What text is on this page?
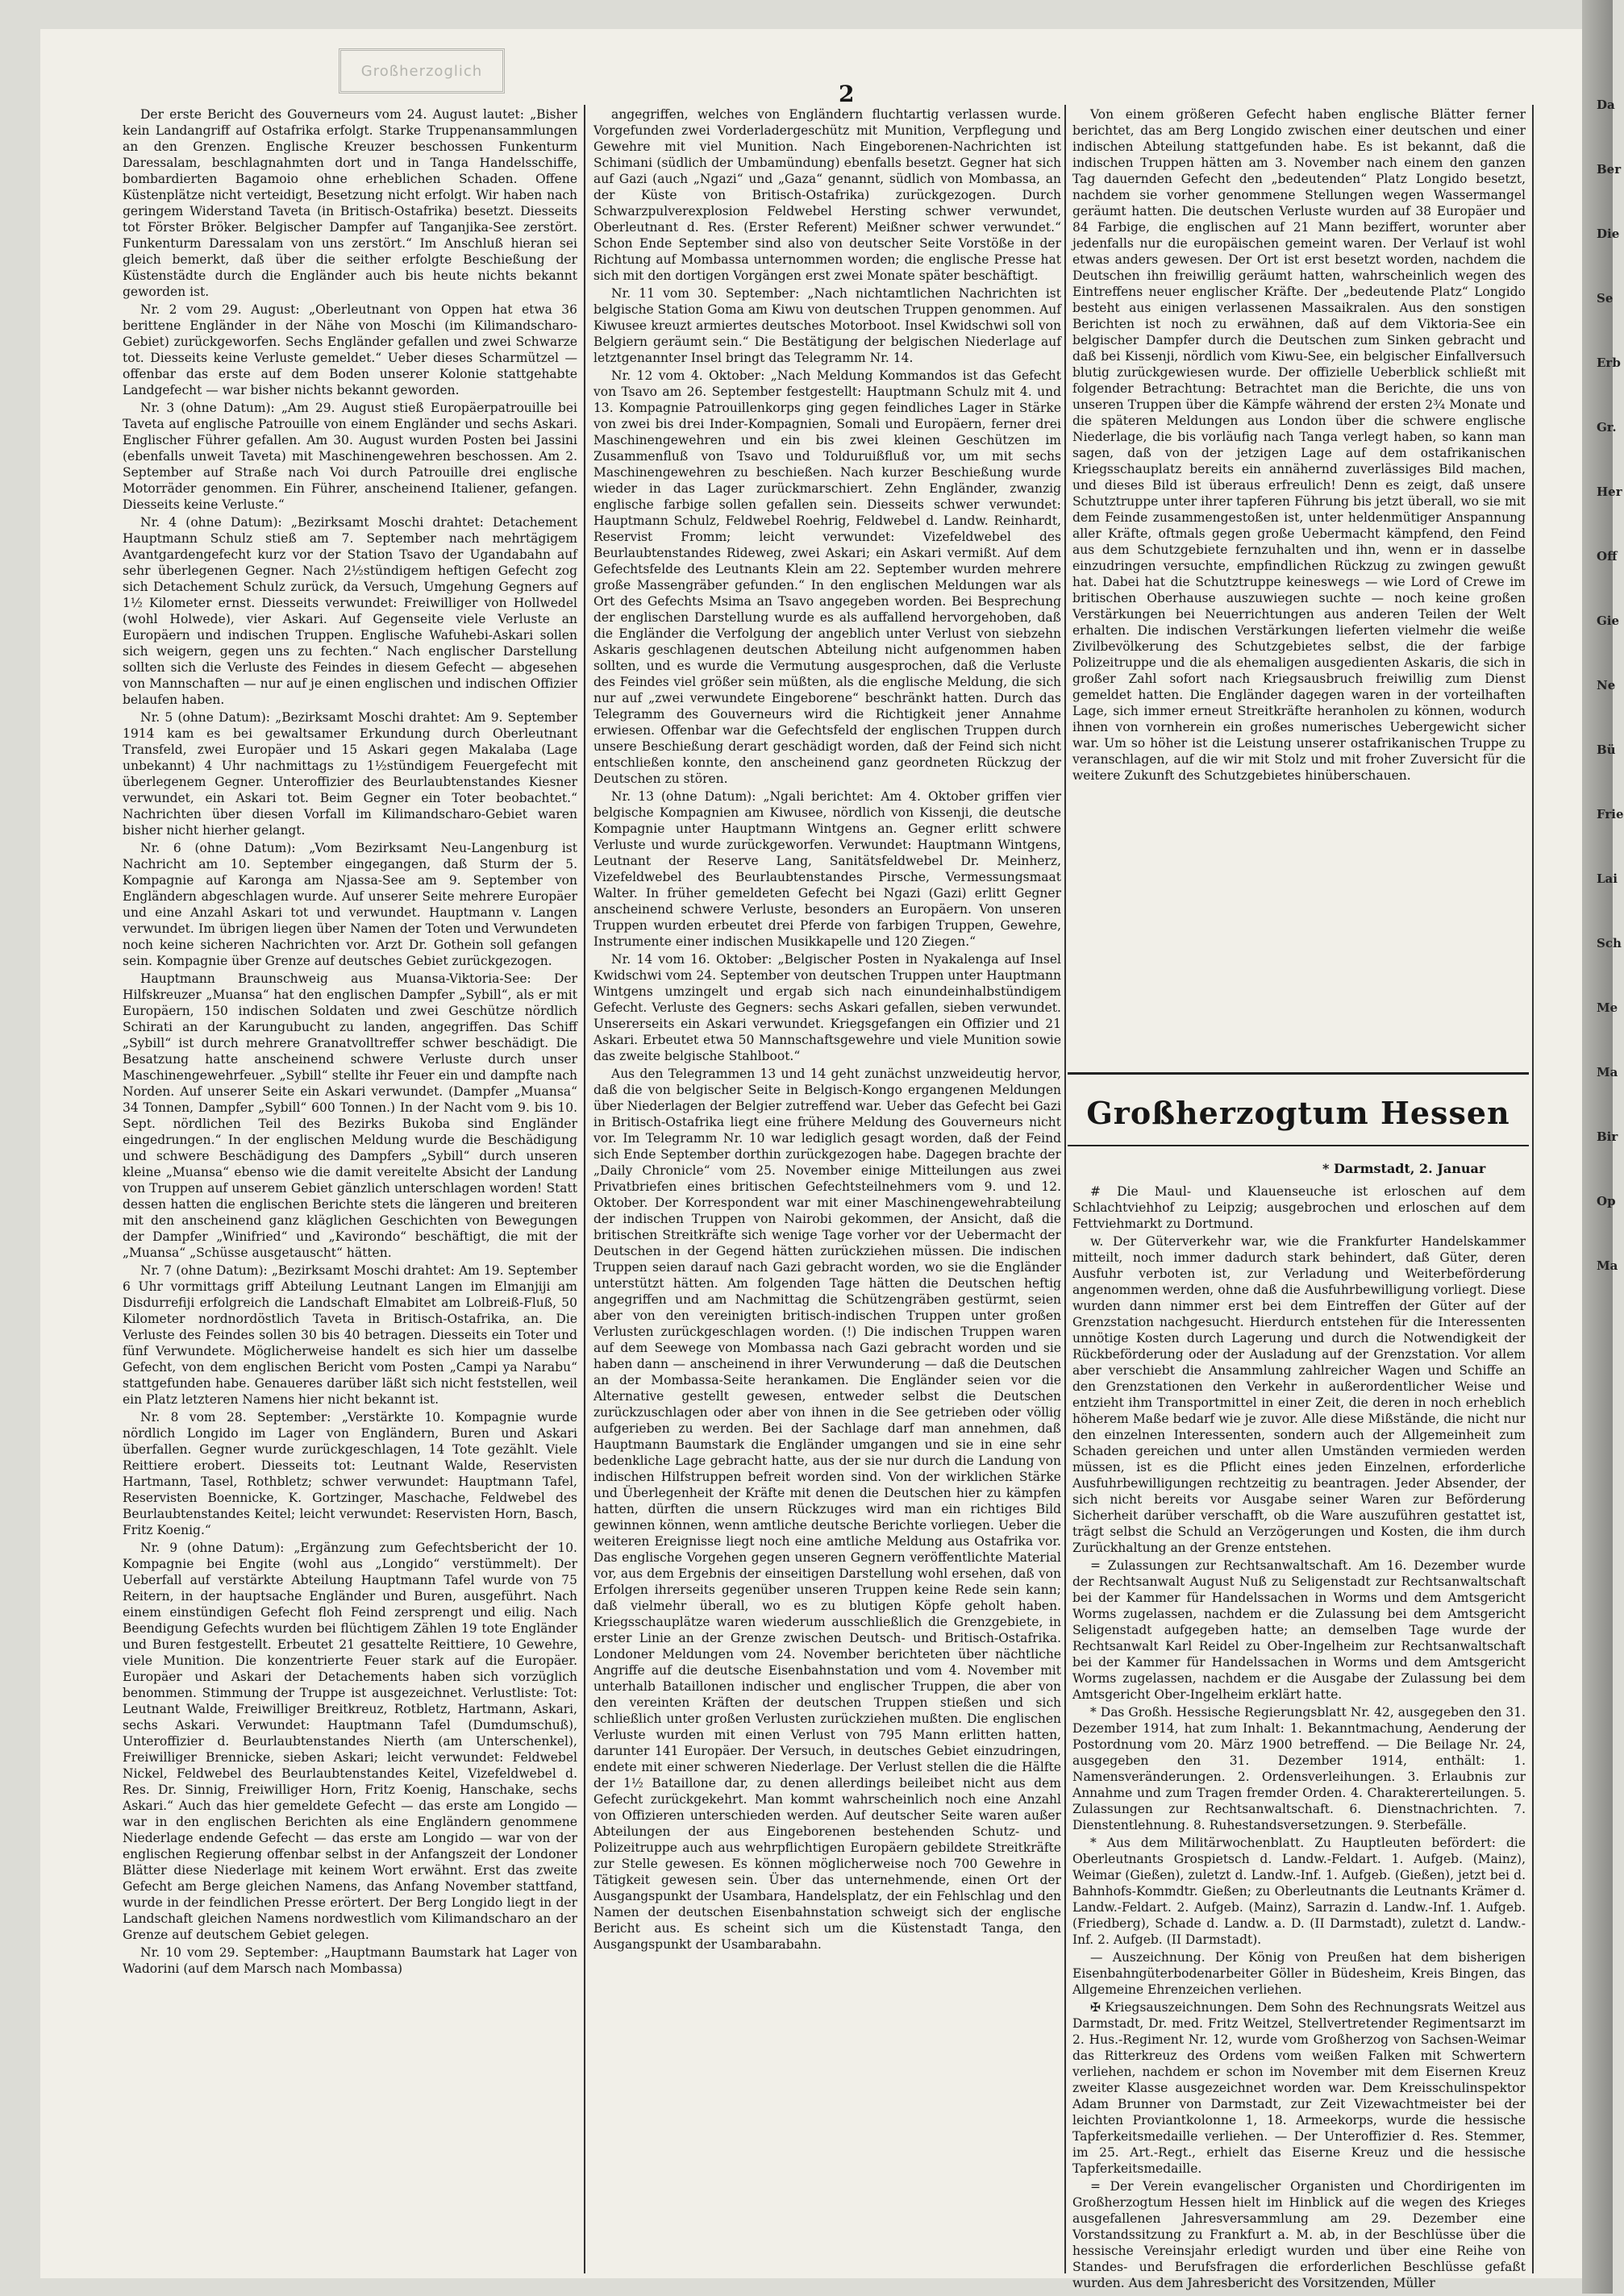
Großherzoglich
2

Der erste Bericht des Gouverneurs vom 24. August lautet: „Bisher kein Landangriff auf Ostafrika erfolgt. Starke Truppenansammlungen an den Grenzen. Englische Kreuzer beschossen Funkenturm Daressalam, beschlagnahmten dort und in Tanga Handelsschiffe, bombardierten Bagamoio ohne erheblichen Schaden. Offene Küstenplätze nicht verteidigt, Besetzung nicht erfolgt. Wir haben nach geringem Widerstand Taveta (in Britisch-Ostafrika) besetzt. Diesseits tot Förster Bröker. Belgischer Dampfer auf Tanganjika-See zerstört. Funkenturm Daressalam von uns zerstört.“ Im Anschluß hieran sei gleich bemerkt, daß über die seither erfolgte Beschießung der Küstenstädte durch die Engländer auch bis heute nichts bekannt geworden ist.

Nr. 2 vom 29. August: „Oberleutnant von Oppen hat etwa 36 berittene Engländer in der Nähe von Moschi (im Kilimandscharo-Gebiet) zurückgeworfen. Sechs Engländer gefallen und zwei Schwarze tot. Diesseits keine Verluste gemeldet.“ Ueber dieses Scharmützel — offenbar das erste auf dem Boden unserer Kolonie stattgehabte Landgefecht — war bisher nichts bekannt geworden.

Nr. 3 (ohne Datum): „Am 29. August stieß Europäerpatrouille bei Taveta auf englische Patrouille von einem Engländer und sechs Askari. Englischer Führer gefallen. Am 30. August wurden Posten bei Jassini (ebenfalls unweit Taveta) mit Maschinengewehren beschossen. Am 2. September auf Straße nach Voi durch Patrouille drei englische Motorräder genommen. Ein Führer, anscheinend Italiener, gefangen. Diesseits keine Verluste.“

Nr. 4 (ohne Datum): „Bezirksamt Moschi drahtet: Detachement Hauptmann Schulz stieß am 7. September nach mehrtägigem Avantgardengefecht kurz vor der Station Tsavo der Ugandabahn auf sehr überlegenen Gegner. Nach 2½stündigem heftigen Gefecht zog sich Detachement Schulz zurück, da Versuch, Umgehung Gegners auf 1½ Kilometer ernst. Diesseits verwundet: Freiwilliger von Hollwedel (wohl Holwede), vier Askari. Auf Gegenseite viele Verluste an Europäern und indischen Truppen. Englische Wafuhebi-Askari sollen sich weigern, gegen uns zu fechten.“ Nach englischer Darstellung sollten sich die Verluste des Feindes in diesem Gefecht — abgesehen von Mannschaften — nur auf je einen englischen und indischen Offizier belaufen haben.

Nr. 5 (ohne Datum): „Bezirksamt Moschi drahtet: Am 9. September 1914 kam es bei gewaltsamer Erkundung durch Oberleutnant Transfeld, zwei Europäer und 15 Askari gegen Makalaba (Lage unbekannt) 4 Uhr nachmittags zu 1½stündigem Feuergefecht mit überlegenem Gegner. Unteroffizier des Beurlaubtenstandes Kiesner verwundet, ein Askari tot. Beim Gegner ein Toter beobachtet.“ Nachrichten über diesen Vorfall im Kilimandscharo-Gebiet waren bisher nicht hierher gelangt.

Nr. 6 (ohne Datum): „Vom Bezirksamt Neu-Langenburg ist Nachricht am 10. September eingegangen, daß Sturm der 5. Kompagnie auf Karonga am Njassa-See am 9. September von Engländern abgeschlagen wurde. Auf unserer Seite mehrere Europäer und eine Anzahl Askari tot und verwundet. Hauptmann v. Langen verwundet. Im übrigen liegen über Namen der Toten und Verwundeten noch keine sicheren Nachrichten vor. Arzt Dr. Gothein soll gefangen sein. Kompagnie über Grenze auf deutsches Gebiet zurückgezogen.

Hauptmann Braunschweig aus Muansa-Viktoria-See: Der Hilfskreuzer „Muansa“ hat den englischen Dampfer „Sybill“, als er mit Europäern, 150 indischen Soldaten und zwei Geschütze nördlich Schirati an der Karungubucht zu landen, angegriffen. Das Schiff „Sybill“ ist durch mehrere Granatvolltreffer schwer beschädigt. Die Besatzung hatte anscheinend schwere Verluste durch unser Maschinengewehrfeuer. „Sybill“ stellte ihr Feuer ein und dampfte nach Norden. Auf unserer Seite ein Askari verwundet. (Dampfer „Muansa“ 34 Tonnen, Dampfer „Sybill“ 600 Tonnen.) In der Nacht vom 9. bis 10. Sept. nördlichen Teil des Bezirks Bukoba sind Engländer eingedrungen.“ In der englischen Meldung wurde die Beschädigung und schwere Beschädigung des Dampfers „Sybill“ durch unseren kleine „Muansa“ ebenso wie die damit vereitelte Absicht der Landung von Truppen auf unserem Gebiet gänzlich unterschlagen worden! Statt dessen hatten die englischen Berichte stets die längeren und breiteren mit den anscheinend ganz kläglichen Geschichten von Bewegungen der Dampfer „Winifried“ und „Kavirondo“ beschäftigt, die mit der „Muansa“ „Schüsse ausgetauscht“ hätten.

Nr. 7 (ohne Datum): „Bezirksamt Moschi drahtet: Am 19. September 6 Uhr vormittags griff Abteilung Leutnant Langen im Elmanjiji am Disdurrefiji erfolgreich die Landschaft Elmabitet am Lolbreiß-Fluß, 50 Kilometer nordnordöstlich Taveta in Britisch-Ostafrika, an. Die Verluste des Feindes sollen 30 bis 40 betragen. Diesseits ein Toter und fünf Verwundete. Möglicherweise handelt es sich hier um dasselbe Gefecht, von dem englischen Bericht vom Posten „Campi ya Narabu“ stattgefunden habe. Genaueres darüber läßt sich nicht feststellen, weil ein Platz letzteren Namens hier nicht bekannt ist.

Nr. 8 vom 28. September: „Verstärkte 10. Kompagnie wurde nördlich Longido im Lager von Engländern, Buren und Askari überfallen. Gegner wurde zurückgeschlagen, 14 Tote gezählt. Viele Reittiere erobert. Diesseits tot: Leutnant Walde, Reservisten Hartmann, Tasel, Rothbletz; schwer verwundet: Hauptmann Tafel, Reservisten Boennicke, K. Gortzinger, Maschache, Feldwebel des Beurlaubtenstandes Keitel; leicht verwundet: Reservisten Horn, Basch, Fritz Koenig.“

Nr. 9 (ohne Datum): „Ergänzung zum Gefechtsbericht der 10. Kompagnie bei Engite (wohl aus „Longido“ verstümmelt). Der Ueberfall auf verstärkte Abteilung Hauptmann Tafel wurde von 75 Reitern, in der hauptsache Engländer und Buren, ausgeführt. Nach einem einstündigen Gefecht floh Feind zersprengt und eilig. Nach Beendigung Gefechts wurden bei flüchtigem Zählen 19 tote Engländer und Buren festgestellt. Erbeutet 21 gesattelte Reittiere, 10 Gewehre, viele Munition. Die konzentrierte Feuer stark auf die Europäer. Europäer und Askari der Detachements haben sich vorzüglich benommen. Stimmung der Truppe ist ausgezeichnet. Verlustliste: Tot: Leutnant Walde, Freiwilliger Breitkreuz, Rotbletz, Hartmann, Askari, sechs Askari. Verwundet: Hauptmann Tafel (Dumdumschuß), Unteroffizier d. Beurlaubtenstandes Nierth (am Unterschenkel), Freiwilliger Brennicke, sieben Askari; leicht verwundet: Feldwebel Nickel, Feldwebel des Beurlaubtenstandes Keitel, Vizefeldwebel d. Res. Dr. Sinnig, Freiwilliger Horn, Fritz Koenig, Hanschake, sechs Askari.“ Auch das hier gemeldete Gefecht — das erste am Longido — war in den englischen Berichten als eine Engländern genommene Niederlage endende Gefecht — das erste am Longido — war von der englischen Regierung offenbar selbst in der Anfangszeit der Londoner Blätter diese Niederlage mit keinem Wort erwähnt. Erst das zweite Gefecht am Berge gleichen Namens, das Anfang November stattfand, wurde in der feindlichen Presse erörtert. Der Berg Longido liegt in der Landschaft gleichen Namens nordwestlich vom Kilimandscharo an der Grenze auf deutschem Gebiet gelegen.

Nr. 10 vom 29. September: „Hauptmann Baumstark hat Lager von Wadorini (auf dem Marsch nach Mombassa)

angegriffen, welches von Engländern fluchtartig verlassen wurde. Vorgefunden zwei Vorderladergeschütz mit Munition, Verpflegung und Gewehre mit viel Munition. Nach Eingeborenen-Nachrichten ist Schimani (südlich der Umbamündung) ebenfalls besetzt. Gegner hat sich auf Gazi (auch „Ngazi“ und „Gaza“ genannt, südlich von Mombassa, an der Küste von Britisch-Ostafrika) zurückgezogen. Durch Schwarzpulverexplosion Feldwebel Hersting schwer verwundet, Oberleutnant d. Res. (Erster Referent) Meißner schwer verwundet.“ Schon Ende September sind also von deutscher Seite Vorstöße in der Richtung auf Mombassa unternommen worden; die englische Presse hat sich mit den dortigen Vorgängen erst zwei Monate später beschäftigt.

Nr. 11 vom 30. September: „Nach nichtamtlichen Nachrichten ist belgische Station Goma am Kiwu von deutschen Truppen genommen. Auf Kiwusee kreuzt armiertes deutsches Motorboot. Insel Kwidschwi soll von Belgiern geräumt sein.“ Die Bestätigung der belgischen Niederlage auf letztgenannter Insel bringt das Telegramm Nr. 14.

Nr. 12 vom 4. Oktober: „Nach Meldung Kommandos ist das Gefecht von Tsavo am 26. September festgestellt: Hauptmann Schulz mit 4. und 13. Kompagnie Patrouillenkorps ging gegen feindliches Lager in Stärke von zwei bis drei Inder-Kompagnien, Somali und Europäern, ferner drei Maschinengewehren und ein bis zwei kleinen Geschützen im Zusammenfluß von Tsavo und Tolduruißfluß vor, um mit sechs Maschinengewehren zu beschießen. Nach kurzer Beschießung wurde wieder in das Lager zurückmarschiert. Zehn Engländer, zwanzig englische farbige sollen gefallen sein. Diesseits schwer verwundet: Hauptmann Schulz, Feldwebel Roehrig, Feldwebel d. Landw. Reinhardt, Reservist Fromm; leicht verwundet: Vizefeldwebel des Beurlaubtenstandes Rideweg, zwei Askari; ein Askari vermißt. Auf dem Gefechtsfelde des Leutnants Klein am 22. September wurden mehrere große Massengräber gefunden.“ In den englischen Meldungen war als Ort des Gefechts Msima an Tsavo angegeben worden. Bei Besprechung der englischen Darstellung wurde es als auffallend hervorgehoben, daß die Engländer die Verfolgung der angeblich unter Verlust von siebzehn Askaris geschlagenen deutschen Abteilung nicht aufgenommen haben sollten, und es wurde die Vermutung ausgesprochen, daß die Verluste des Feindes viel größer sein müßten, als die englische Meldung, die sich nur auf „zwei verwundete Eingeborene“ beschränkt hatten. Durch das Telegramm des Gouverneurs wird die Richtigkeit jener Annahme erwiesen. Offenbar war die Gefechtsfeld der englischen Truppen durch unsere Beschießung derart geschädigt worden, daß der Feind sich nicht entschließen konnte, den anscheinend ganz geordneten Rückzug der Deutschen zu stören.

Nr. 13 (ohne Datum): „Ngali berichtet: Am 4. Oktober griffen vier belgische Kompagnien am Kiwusee, nördlich von Kissenji, die deutsche Kompagnie unter Hauptmann Wintgens an. Gegner erlitt schwere Verluste und wurde zurückgeworfen. Verwundet: Hauptmann Wintgens, Leutnant der Reserve Lang, Sanitätsfeldwebel Dr. Meinherz, Vizefeldwebel des Beurlaubtenstandes Pirsche, Vermessungsmaat Walter. In früher gemeldeten Gefecht bei Ngazi (Gazi) erlitt Gegner anscheinend schwere Verluste, besonders an Europäern. Von unseren Truppen wurden erbeutet drei Pferde von farbigen Truppen, Gewehre, Instrumente einer indischen Musikkapelle und 120 Ziegen.“

Nr. 14 vom 16. Oktober: „Belgischer Posten in Nyakalenga auf Insel Kwidschwi vom 24. September von deutschen Truppen unter Hauptmann Wintgens umzingelt und ergab sich nach einundeinhalbstündigem Gefecht. Verluste des Gegners: sechs Askari gefallen, sieben verwundet. Unsererseits ein Askari verwundet. Kriegsgefangen ein Offizier und 21 Askari. Erbeutet etwa 50 Mannschaftsgewehre und viele Munition sowie das zweite belgische Stahlboot.“

Aus den Telegrammen 13 und 14 geht zunächst unzweideutig hervor, daß die von belgischer Seite in Belgisch-Kongo ergangenen Meldungen über Niederlagen der Belgier zutreffend war. Ueber das Gefecht bei Gazi in Britisch-Ostafrika liegt eine frühere Meldung des Gouverneurs nicht vor. Im Telegramm Nr. 10 war lediglich gesagt worden, daß der Feind sich Ende September dorthin zurückgezogen habe. Dagegen brachte der „Daily Chronicle“ vom 25. November einige Mitteilungen aus zwei Privatbriefen eines britischen Gefechtsteilnehmers vom 9. und 12. Oktober. Der Korrespondent war mit einer Maschinengewehrabteilung der indischen Truppen von Nairobi gekommen, der Ansicht, daß die britischen Streitkräfte sich wenige Tage vorher vor der Uebermacht der Deutschen in der Gegend hätten zurückziehen müssen. Die indischen Truppen seien darauf nach Gazi gebracht worden, wo sie die Engländer unterstützt hätten. Am folgenden Tage hätten die Deutschen heftig angegriffen und am Nachmittag die Schützengräben gestürmt, seien aber von den vereinigten britisch-indischen Truppen unter großen Verlusten zurückgeschlagen worden. (!) Die indischen Truppen waren auf dem Seewege von Mombassa nach Gazi gebracht worden und sie haben dann — anscheinend in ihrer Verwunderung — daß die Deutschen an der Mombassa-Seite herankamen. Die Engländer seien vor die Alternative gestellt gewesen, entweder selbst die Deutschen zurückzuschlagen oder aber von ihnen in die See getrieben oder völlig aufgerieben zu werden. Bei der Sachlage darf man annehmen, daß Hauptmann Baumstark die Engländer umgangen und sie in eine sehr bedenkliche Lage gebracht hatte, aus der sie nur durch die Landung von indischen Hilfstruppen befreit worden sind. Von der wirklichen Stärke und Überlegenheit der Kräfte mit denen die Deutschen hier zu kämpfen hatten, dürften die unsern Rückzuges wird man ein richtiges Bild gewinnen können, wenn amtliche deutsche Berichte vorliegen. Ueber die weiteren Ereignisse liegt noch eine amtliche Meldung aus Ostafrika vor. Das englische Vorgehen gegen unseren Gegnern veröffentlichte Material vor, aus dem Ergebnis der einseitigen Darstellung wohl ersehen, daß von Erfolgen ihrerseits gegenüber unseren Truppen keine Rede sein kann; daß vielmehr überall, wo es zu blutigen Köpfe geholt haben. Kriegsschauplätze waren wiederum ausschließlich die Grenzgebiete, in erster Linie an der Grenze zwischen Deutsch- und Britisch-Ostafrika. Londoner Meldungen vom 24. November berichteten über nächtliche Angriffe auf die deutsche Eisenbahnstation und vom 4. November mit unterhalb Bataillonen indischer und englischer Truppen, die aber von den vereinten Kräften der deutschen Truppen stießen und sich schließlich unter großen Verlusten zurückziehen mußten. Die englischen Verluste wurden mit einen Verlust von 795 Mann erlitten hatten, darunter 141 Europäer. Der Versuch, in deutsches Gebiet einzudringen, endete mit einer schweren Niederlage. Der Verlust stellen die die Hälfte der 1½ Bataillone dar, zu denen allerdings beileibet nicht aus dem Gefecht zurückgekehrt. Man kommt wahrscheinlich noch eine Anzahl von Offizieren unterschieden werden. Auf deutscher Seite waren außer Abteilungen der aus Eingeborenen bestehenden Schutz- und Polizeitruppe auch aus wehrpflichtigen Europäern gebildete Streitkräfte zur Stelle gewesen. Es können möglicherweise noch 700 Gewehre in Tätigkeit gewesen sein. Über das unternehmende, einen Ort der Ausgangspunkt der Usambara, Handelsplatz, der ein Fehlschlag und den Namen der deutschen Eisenbahnstation schweigt sich der englische Bericht aus. Es scheint sich um die Küstenstadt Tanga, den Ausgangspunkt der Usambarabahn.

Von einem größeren Gefecht haben englische Blätter ferner berichtet, das am Berg Longido zwischen einer deutschen und einer indischen Abteilung stattgefunden habe. Es ist bekannt, daß die indischen Truppen hätten am 3. November nach einem den ganzen Tag dauernden Gefecht den „bedeutenden“ Platz Longido besetzt, nachdem sie vorher genommene Stellungen wegen Wassermangel geräumt hatten. Die deutschen Verluste wurden auf 38 Europäer und 84 Farbige, die englischen auf 21 Mann beziffert, worunter aber jedenfalls nur die europäischen gemeint waren. Der Verlauf ist wohl etwas anders gewesen. Der Ort ist erst besetzt worden, nachdem die Deutschen ihn freiwillig geräumt hatten, wahrscheinlich wegen des Eintreffens neuer englischer Kräfte. Der „bedeutende Platz“ Longido besteht aus einigen verlassenen Massaikralen. Aus den sonstigen Berichten ist noch zu erwähnen, daß auf dem Viktoria-See ein belgischer Dampfer durch die Deutschen zum Sinken gebracht und daß bei Kissenji, nördlich vom Kiwu-See, ein belgischer Einfallversuch blutig zurückgewiesen wurde. Der offizielle Ueberblick schließt mit folgender Betrachtung: Betrachtet man die Berichte, die uns von unseren Truppen über die Kämpfe während der ersten 2¾ Monate und die späteren Meldungen aus London über die schwere englische Niederlage, die bis vorläufig nach Tanga verlegt haben, so kann man sagen, daß von der jetzigen Lage auf dem ostafrikanischen Kriegsschauplatz bereits ein annähernd zuverlässiges Bild machen, und dieses Bild ist überaus erfreulich! Denn es zeigt, daß unsere Schutztruppe unter ihrer tapferen Führung bis jetzt überall, wo sie mit dem Feinde zusammengestoßen ist, unter heldenmütiger Anspannung aller Kräfte, oftmals gegen große Uebermacht kämpfend, den Feind aus dem Schutzgebiete fernzuhalten und ihn, wenn er in dasselbe einzudringen versuchte, empfindlichen Rückzug zu zwingen gewußt hat. Dabei hat die Schutztruppe keineswegs — wie Lord of Crewe im britischen Oberhause auszuwiegen suchte — noch keine großen Verstärkungen bei Neuerrichtungen aus anderen Teilen der Welt erhalten. Die indischen Verstärkungen lieferten vielmehr die weiße Zivilbevölkerung des Schutzgebietes selbst, die der farbige Polizeitruppe und die als ehemaligen ausgedienten Askaris, die sich in großer Zahl sofort nach Kriegsausbruch freiwillig zum Dienst gemeldet hatten. Die Engländer dagegen waren in der vorteilhaften Lage, sich immer erneut Streitkräfte heranholen zu können, wodurch ihnen von vornherein ein großes numerisches Uebergewicht sicher war. Um so höher ist die Leistung unserer ostafrikanischen Truppe zu veranschlagen, auf die wir mit Stolz und mit froher Zuversicht für die weitere Zukunft des Schutzgebietes hinüberschauen.

Großherzogtum Hessen
* Darmstadt, 2. Januar

# Die Maul- und Klauenseuche ist erloschen auf dem Schlachtviehhof zu Leipzig; ausgebrochen und erloschen auf dem Fettviehmarkt zu Dortmund.

w. Der Güterverkehr war, wie die Frankfurter Handelskammer mitteilt, noch immer dadurch stark behindert, daß Güter, deren Ausfuhr verboten ist, zur Verladung und Weiterbeförderung angenommen werden, ohne daß die Ausfuhrbewilligung vorliegt. Diese wurden dann nimmer erst bei dem Eintreffen der Güter auf der Grenzstation nachgesucht. Hierdurch entstehen für die Interessenten unnötige Kosten durch Lagerung und durch die Notwendigkeit der Rückbeförderung oder der Ausladung auf der Grenzstation. Vor allem aber verschiebt die Ansammlung zahlreicher Wagen und Schiffe an den Grenzstationen den Verkehr in außerordentlicher Weise und entzieht ihm Transportmittel in einer Zeit, die deren in noch erheblich höherem Maße bedarf wie je zuvor. Alle diese Mißstände, die nicht nur den einzelnen Interessenten, sondern auch der Allgemeinheit zum Schaden gereichen und unter allen Umständen vermieden werden müssen, ist es die Pflicht eines jeden Einzelnen, erforderliche Ausfuhrbewilligungen rechtzeitig zu beantragen. Jeder Absender, der sich nicht bereits vor Ausgabe seiner Waren zur Beförderung Sicherheit darüber verschafft, ob die Ware auszuführen gestattet ist, trägt selbst die Schuld an Verzögerungen und Kosten, die ihm durch Zurückhaltung an der Grenze entstehen.

= Zulassungen zur Rechtsanwaltschaft. Am 16. Dezember wurde der Rechtsanwalt August Nuß zu Seligenstadt zur Rechtsanwaltschaft bei der Kammer für Handelssachen in Worms und dem Amtsgericht Worms zugelassen, nachdem er die Zulassung bei dem Amtsgericht Seligenstadt aufgegeben hatte; an demselben Tage wurde der Rechtsanwalt Karl Reidel zu Ober-Ingelheim zur Rechtsanwaltschaft bei der Kammer für Handelssachen in Worms und dem Amtsgericht Worms zugelassen, nachdem er die Ausgabe der Zulassung bei dem Amtsgericht Ober-Ingelheim erklärt hatte.

* Das Großh. Hessische Regierungsblatt Nr. 42, ausgegeben den 31. Dezember 1914, hat zum Inhalt: 1. Bekanntmachung, Aenderung der Postordnung vom 20. März 1900 betreffend. — Die Beilage Nr. 24, ausgegeben den 31. Dezember 1914, enthält: 1. Namensveränderungen. 2. Ordensverleihungen. 3. Erlaubnis zur Annahme und zum Tragen fremder Orden. 4. Charaktererteilungen. 5. Zulassungen zur Rechtsanwaltschaft. 6. Dienstnachrichten. 7. Dienstentlehnung. 8. Ruhestandsversetzungen. 9. Sterbefälle.

* Aus dem Militärwochenblatt. Zu Hauptleuten befördert: die Oberleutnants Grospietsch d. Landw.-Feldart. 1. Aufgeb. (Mainz), Weimar (Gießen), zuletzt d. Landw.-Inf. 1. Aufgeb. (Gießen), jetzt bei d. Bahnhofs-Kommdtr. Gießen; zu Oberleutnants die Leutnants Krämer d. Landw.-Feldart. 2. Aufgeb. (Mainz), Sarrazin d. Landw.-Inf. 1. Aufgeb. (Friedberg), Schade d. Landw. a. D. (II Darmstadt), zuletzt d. Landw.-Inf. 2. Aufgeb. (II Darmstadt).

— Auszeichnung. Der König von Preußen hat dem bisherigen Eisenbahngüterbodenarbeiter Göller in Büdesheim, Kreis Bingen, das Allgemeine Ehrenzeichen verliehen.

✠ Kriegsauszeichnungen. Dem Sohn des Rechnungsrats Weitzel aus Darmstadt, Dr. med. Fritz Weitzel, Stellvertretender Regimentsarzt im 2. Hus.-Regiment Nr. 12, wurde vom Großherzog von Sachsen-Weimar das Ritterkreuz des Ordens vom weißen Falken mit Schwertern verliehen, nachdem er schon im November mit dem Eisernen Kreuz zweiter Klasse ausgezeichnet worden war. Dem Kreisschulinspektor Adam Brunner von Darmstadt, zur Zeit Vizewachtmeister bei der leichten Proviantkolonne 1, 18. Armeekorps, wurde die hessische Tapferkeitsmedaille verliehen. — Der Unteroffizier d. Res. Stemmer, im 25. Art.-Regt., erhielt das Eiserne Kreuz und die hessische Tapferkeitsmedaille.

= Der Verein evangelischer Organisten und Chordirigenten im Großherzogtum Hessen hielt im Hinblick auf die wegen des Krieges ausgefallenen Jahresversammlung am 29. Dezember eine Vorstandssitzung zu Frankfurt a. M. ab, in der Beschlüsse über die hessische Vereinsjahr erledigt wurden und über eine Reihe von Standes- und Berufsfragen die erforderlichen Beschlüsse gefaßt wurden. Aus dem Jahresbericht des Vorsitzenden, Müller

Da
Ber
Die
Se
Erb
Gr.
Her
Off
Gie
Ne
Bü
Frie
Lai
Sch
Me
Ma
Bir
Op
Ma
